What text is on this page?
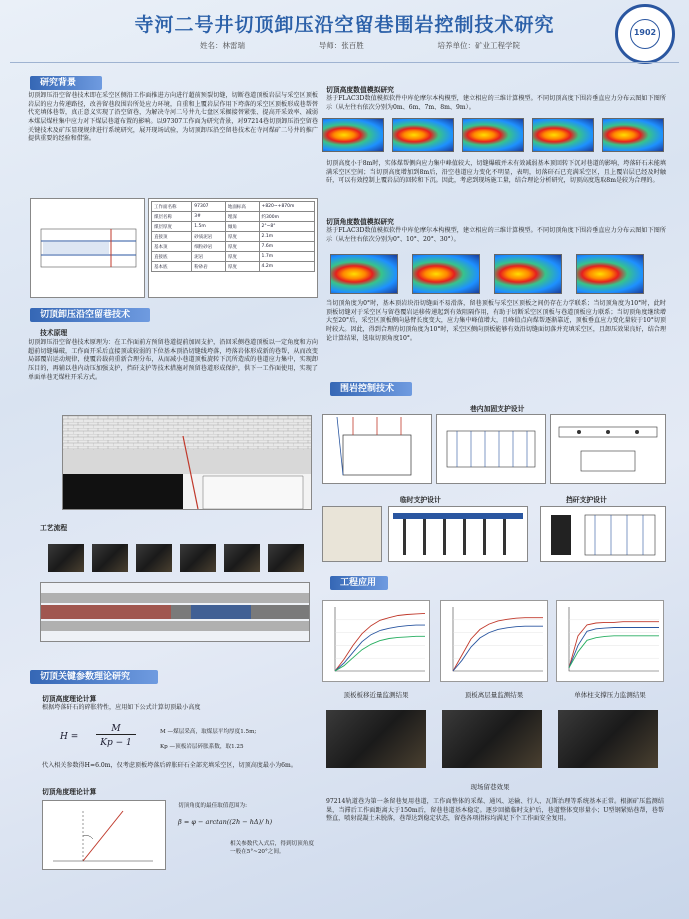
寺河二号井切顶卸压沿空留巷围岩控制技术研究
姓名：林雷瑞	导师：张百胜	培养单位：矿业工程学院
1902
研究背景
切顶卸压沿空留巷技术即在采空区侧沿工作面推进方向进行超前预裂切缝，切断巷道顶板岩层与采空区顶板岩层的应力传递路径，改善留巷段围岩所处应力环境，自重和上覆岩层作用下垮落的采空区顶板形成巷帮替代充填体巷帮，真正意义实现了沿空留巷，为解决寺河二号井九七盘区采掘接替紧张、提高开采效率、减弱本煤层煤柱集中应力对下煤层巷道布置的影响。以97307工作面为研究背景，对97214巷切顶卸压沿空留巷关键技术及矿压显现规律进行系统研究，展开现场试验，为切顶卸压沿空留巷技术在寺河煤矿二号井的推广提供重要的经验和借鉴。
工作面名称	97307	地面标高	+820~+870m
煤层名称	3#	埋深	约300m
煤层厚度	1.5m	倾角	2°~8°
直接顶	砂质泥岩	厚度	2.1m
基本顶	细粒砂岩	厚度	7.6m
直接底	泥岩	厚度	1.7m
基本底	粉砂岩	厚度	4.2m
切顶卸压沿空留巷技术
技术原理
切顶卸压沿空留巷技术原理为：在工作面前方预留巷道提前加固支护，沿回采侧巷道顶板以一定角度和方向超前切缝爆破，工作面开采后直接顶或较弱的下位基本顶沿切缝线垮落，垮落岩体形成新的巷帮，从而改变局部覆岩运动规律，使覆岩载荷重新合理分布，从而减小巷道顶板旋转下沉所造成的巷道应力集中，实现卸压目的，再辅以巷内动压加强支护，挡矸支护等技术措施对预留巷道形成保护，供下一工作面使用，实现了单面单巷无煤柱开采方式。
工艺流程
切顶关键参数理论研究
切顶高度理论计算
根据垮落矸石的碎胀特性，应用如下公式计算切顶最小高度
H =
M
Kp − 1
M —煤层采高，取煤层平均厚度1.5m;
Kp —顶板岩层碎胀系数，取1.25
代入相关参数得H=6.0m，仅考虑顶板垮落后碎胀矸石全部充填采空区，切顶高度最小为6m。
切顶角度理论计算
切顶角度的最佳取值范围为:
β = φ − arctan((2h − hΔ)/ h)
相关参数代入式后，得到切顶角度一般在5°~20°之间。
切顶高度数值模拟研究
基于FLAC3D数值模拟软件中库伦摩尔本构模型，建立相应的三维计算模型。不同切顶高度下围岩垂直应力分布云图如下图所示（从左往右依次分别为0m、6m、7m、8m、9m）。
切顶高度小于8m时，实体煤帮侧向应力集中峰值较大，切缝爆破并未有效减弱基本顶回转下沉对巷道的影响，垮落矸石未能填满采空区空间；当切顶高度增加到8m后，沿空巷道应力变化不明显，表明，切落矸石已充满采空区，且上覆岩层已经及时触矸，可以有效控制上覆岩层的回转和下沉。因此，考虑到现场施工量，结合理论分析研究，切顶高度选取8m是较为合理的。
切顶角度数值模拟研究
基于FLAC3D数值模拟软件中库伦摩尔本构模型，建立相应的三维计算模型。不同切顶角度下围岩垂直应力分布云图如下图所示（从左往右依次分别为0°、10°、20°、30°）。
当切顶角度为0°时，基本顶岩块沿切缝面不易滑落，留巷顶板与采空区顶板之间仍存在力学联系；当切顶角度为10°时，此时顶板切缝对于采空区与留巷覆岩运移传递起到有效阻隔作用，有助于切断采空区顶板与巷道顶板应力联系；当切顶角度继续增大至20°后，采空区顶板侧向悬臂长度变大，应力集中峰值增大，且峰值点向煤帮逐渐靠近，顶板垂直应力变化量较于10°切顶时较大。因此，得到合理的切顶角度为10°时，采空区侧向顶板能够有效沿切缝面切落并充填采空区，且卸压效果良好，结合理论计算结果，选取切顶角度10°。
围岩控制技术
巷内加固支护设计
临时支护设计	挡矸支护设计
工程应用
顶板板移近量监测结果	顶板离层量监测结果	单体柱支撑压力监测结果
现场留巷效果
97214轨道巷为第一条留巷复用巷道，工作面整体的采煤、通风、运输、行人、瓦斯治理等系统基本正常。根据矿压监测结果，当滞后工作面距离大于150m后，留巷巷道基本稳定。逐步回撤临时支护后，巷道整体变形量小；U型钢紧贴巷帮，巷帮整直，喷射混凝土未脱落，巷帮达到稳定状态，留巷各项指标均满足下个工作面安全复用。
